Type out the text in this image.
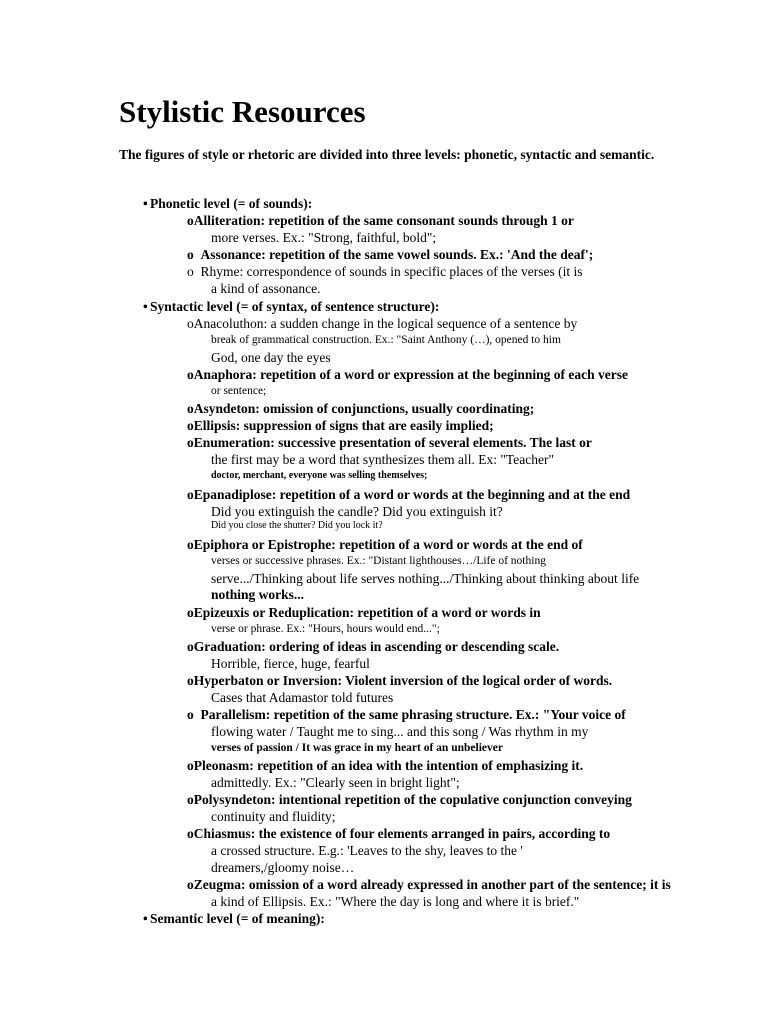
Stylistic Resources

The figures of style or rhetoric are divided into three levels: phonetic, syntactic and semantic.

• Phonetic level (= of sounds):
oAlliteration: repetition of the same consonant sounds through 1 or
more verses. Ex.: "Strong, faithful, bold";
o Assonance: repetition of the same vowel sounds. Ex.: 'And the deaf';
o Rhyme: correspondence of sounds in specific places of the verses (it is
a kind of assonance.
• Syntactic level (= of syntax, of sentence structure):
oAnacoluthon: a sudden change in the logical sequence of a sentence by
break of grammatical construction. Ex.: "Saint Anthony (…), opened to him
God, one day the eyes
oAnaphora: repetition of a word or expression at the beginning of each verse
or sentence;
oAsyndeton: omission of conjunctions, usually coordinating;
oEllipsis: suppression of signs that are easily implied;
oEnumeration: successive presentation of several elements. The last or
the first may be a word that synthesizes them all. Ex: "Teacher"
doctor, merchant, everyone was selling themselves;
oEpanadiplose: repetition of a word or words at the beginning and at the end
Did you extinguish the candle? Did you extinguish it?
Did you close the shutter? Did you lock it?
oEpiphora or Epistrophe: repetition of a word or words at the end of
verses or successive phrases. Ex.: "Distant lighthouses…/Life of nothing
serve.../Thinking about life serves nothing.../Thinking about thinking about life
nothing works...
oEpizeuxis or Reduplication: repetition of a word or words in
verse or phrase. Ex.: "Hours, hours would end...";
oGraduation: ordering of ideas in ascending or descending scale.
Horrible, fierce, huge, fearful
oHyperbaton or Inversion: Violent inversion of the logical order of words.
Cases that Adamastor told futures
o Parallelism: repetition of the same phrasing structure. Ex.: "Your voice of
flowing water / Taught me to sing... and this song / Was rhythm in my
verses of passion / It was grace in my heart of an unbeliever
oPleonasm: repetition of an idea with the intention of emphasizing it.
admittedly. Ex.: "Clearly seen in bright light";
oPolysyndeton: intentional repetition of the copulative conjunction conveying
continuity and fluidity;
oChiasmus: the existence of four elements arranged in pairs, according to
a crossed structure. E.g.: 'Leaves to the shy, leaves to the '
dreamers,/gloomy noise…
oZeugma: omission of a word already expressed in another part of the sentence; it is
a kind of Ellipsis. Ex.: "Where the day is long and where it is brief."
• Semantic level (= of meaning):
